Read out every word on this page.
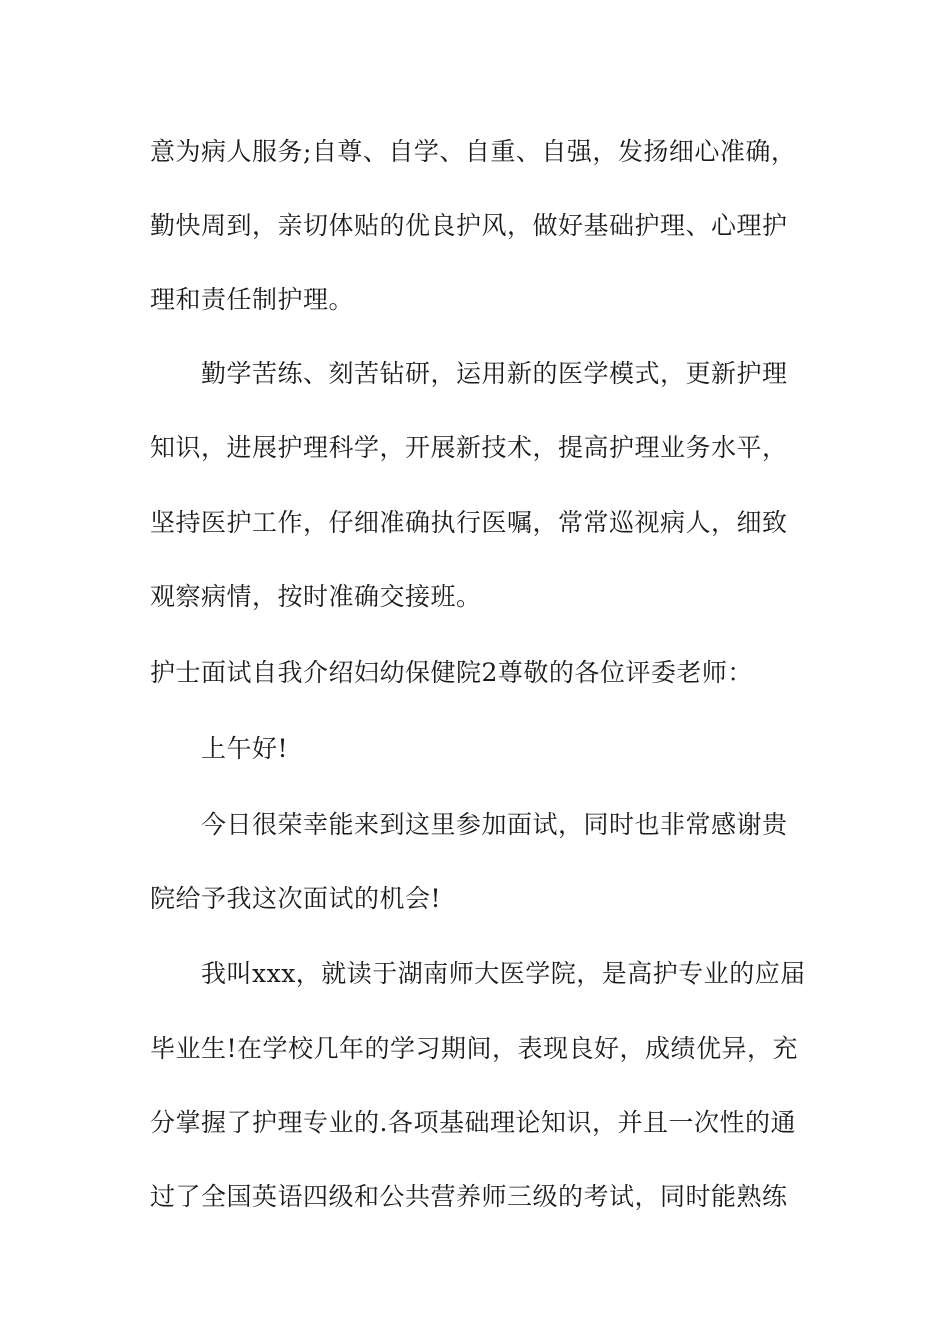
意为病人服务;自尊、自学、自重、自强，发扬细心准确，
勤快周到，亲切体贴的优良护风，做好基础护理、心理护
理和责任制护理。
勤学苦练、刻苦钻研，运用新的医学模式，更新护理
知识，进展护理科学，开展新技术，提高护理业务水平，
坚持医护工作，仔细准确执行医嘱，常常巡视病人，细致
观察病情，按时准确交接班。
护士面试自我介绍妇幼保健院2尊敬的各位评委老师：
上午好!
今日很荣幸能来到这里参加面试，同时也非常感谢贵
院给予我这次面试的机会!
我叫xxx，就读于湖南师大医学院，是高护专业的应届
毕业生!在学校几年的学习期间，表现良好，成绩优异，充
分掌握了护理专业的.各项基础理论知识，并且一次性的通
过了全国英语四级和公共营养师三级的考试，同时能熟练
